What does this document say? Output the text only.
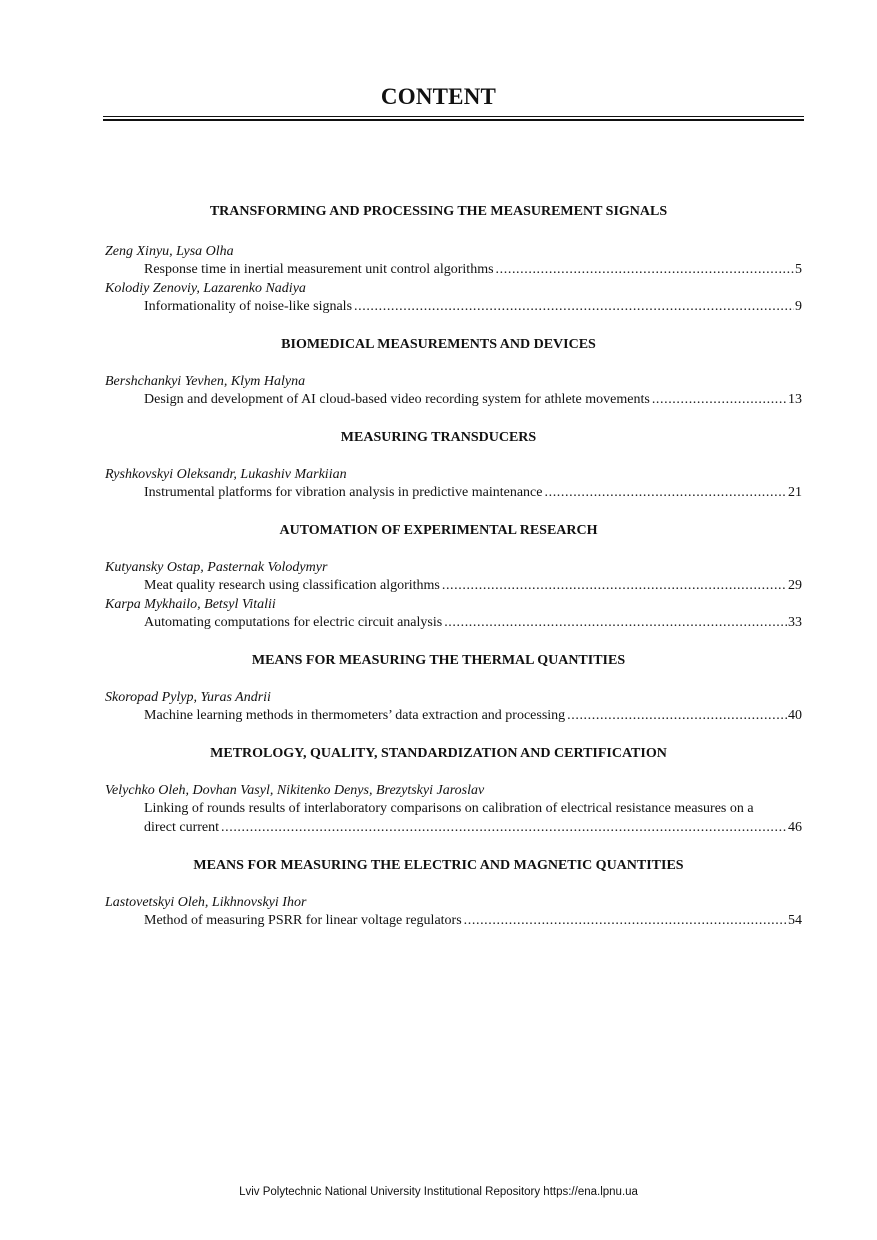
CONTENT
TRANSFORMING AND PROCESSING THE MEASUREMENT SIGNALS
Zeng Xinyu, Lysa Olha
Response time in inertial measurement unit control algorithms .....	5
Kolodiy Zenoviy, Lazarenko Nadiya
Informationality of noise-like signals .....	9
BIOMEDICAL MEASUREMENTS AND DEVICES
Bershchankyi Yevhen, Klym Halyna
Design and development of AI cloud-based video recording system for athlete movements .....	13
MEASURING TRANSDUCERS
Ryshkovskyi Oleksandr, Lukashiv Markiian
Instrumental platforms for vibration analysis in predictive maintenance .....	21
AUTOMATION OF EXPERIMENTAL RESEARCH
Kutyansky Ostap, Pasternak Volodymyr
Meat quality research using classification algorithms .....	29
Karpa Mykhailo, Betsyl Vitalii
Automating computations for electric circuit analysis .....	33
MEANS FOR MEASURING THE THERMAL QUANTITIES
Skoropad Pylyp, Yuras Andrii
Machine learning methods in thermometers’ data extraction and processing .....	40
METROLOGY, QUALITY, STANDARDIZATION AND CERTIFICATION
Velychko Oleh, Dovhan Vasyl, Nikitenko Denys, Brezytskyi Jaroslav
Linking of rounds results of interlaboratory comparisons on calibration of electrical resistance measures on a
direct current .....	46
MEANS FOR MEASURING THE ELECTRIC AND MAGNETIC QUANTITIES
Lastovetskyi Oleh, Likhnovskyi Ihor
Method of measuring PSRR for linear voltage regulators .....	54
Lviv Polytechnic National University Institutional Repository https://ena.lpnu.ua
